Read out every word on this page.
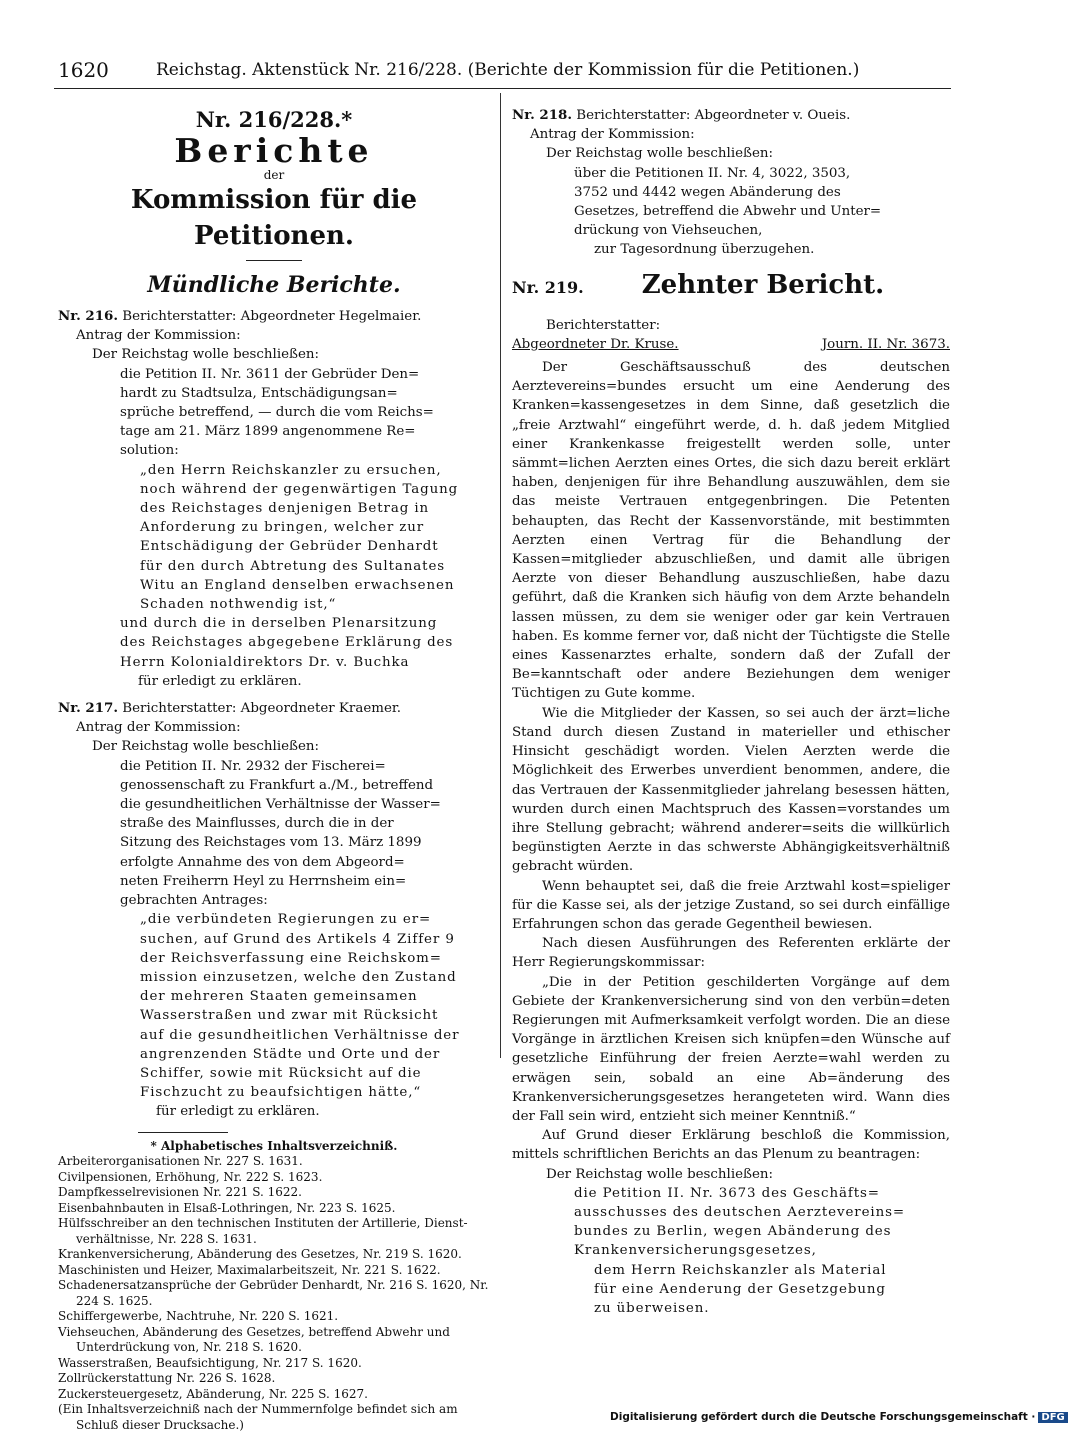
1620	Reichstag. Aktenstück Nr. 216/228. (Berichte der Kommission für die Petitionen.)

Nr. 216/228.*

Berichte

der

Kommission für die Petitionen.

Mündliche Berichte.

Nr. 216. Berichterstatter: Abgeordneter Hegelmaier.

Antrag der Kommission:

Der Reichstag wolle beschließen:

die Petition II. Nr. 3611 der Gebrüder Den=

hardt zu Stadtsulza, Entschädigungsan=

sprüche betreffend, — durch die vom Reichs=

tage am 21. März 1899 angenommene Re=

solution:

„den Herrn Reichskanzler zu ersuchen,

noch während der gegenwärtigen Tagung

des Reichstages denjenigen Betrag in

Anforderung zu bringen, welcher zur

Entschädigung der Gebrüder Denhardt

für den durch Abtretung des Sultanates

Witu an England denselben erwachsenen

Schaden nothwendig ist,“

und durch die in derselben Plenarsitzung

des Reichstages abgegebene Erklärung des

Herrn Kolonialdirektors Dr. v. Buchka

für erledigt zu erklären.

Nr. 217. Berichterstatter: Abgeordneter Kraemer.

Antrag der Kommission:

Der Reichstag wolle beschließen:

die Petition II. Nr. 2932 der Fischerei=

genossenschaft zu Frankfurt a./M., betreffend

die gesundheitlichen Verhältnisse der Wasser=

straße des Mainflusses, durch die in der

Sitzung des Reichstages vom 13. März 1899

erfolgte Annahme des von dem Abgeord=

neten Freiherrn Heyl zu Herrnsheim ein=

gebrachten Antrages:

„die verbündeten Regierungen zu er=

suchen, auf Grund des Artikels 4 Ziffer 9

der Reichsverfassung eine Reichskom=

mission einzusetzen, welche den Zustand

der mehreren Staaten gemeinsamen

Wasserstraßen und zwar mit Rücksicht

auf die gesundheitlichen Verhältnisse der

angrenzenden Städte und Orte und der

Schiffer, sowie mit Rücksicht auf die

Fischzucht zu beaufsichtigen hätte,“

für erledigt zu erklären.

* Alphabetisches Inhaltsverzeichniß.

Arbeiterorganisationen Nr. 227 S. 1631.

Civilpensionen, Erhöhung, Nr. 222 S. 1623.

Dampfkesselrevisionen Nr. 221 S. 1622.

Eisenbahnbauten in Elsaß-Lothringen, Nr. 223 S. 1625.

Hülfsschreiber an den technischen Instituten der Artillerie, Dienst-verhältnisse, Nr. 228 S. 1631.

Krankenversicherung, Abänderung des Gesetzes, Nr. 219 S. 1620.

Maschinisten und Heizer, Maximalarbeitszeit, Nr. 221 S. 1622.

Schadenersatzansprüche der Gebrüder Denhardt, Nr. 216 S. 1620, Nr. 224 S. 1625.

Schiffergewerbe, Nachtruhe, Nr. 220 S. 1621.

Viehseuchen, Abänderung des Gesetzes, betreffend Abwehr und Unterdrückung von, Nr. 218 S. 1620.

Wasserstraßen, Beaufsichtigung, Nr. 217 S. 1620.

Zollrückerstattung Nr. 226 S. 1628.

Zuckersteuergesetz, Abänderung, Nr. 225 S. 1627.

(Ein Inhaltsverzeichniß nach der Nummernfolge befindet sich am Schluß dieser Drucksache.)

Nr. 218. Berichterstatter: Abgeordneter v. Oueis.

Antrag der Kommission:

Der Reichstag wolle beschließen:

über die Petitionen II. Nr. 4, 3022, 3503,

3752 und 4442 wegen Abänderung des

Gesetzes, betreffend die Abwehr und Unter=

drückung von Viehseuchen,

zur Tagesordnung überzugehen.

Nr. 219. Zehnter Bericht.

Berichterstatter:

Abgeordneter Dr. Kruse.	Journ. II. Nr. 3673.

Der Geschäftsausschuß des deutschen Aerztevereins=bundes ersucht um eine Aenderung des Kranken=kassengesetzes in dem Sinne, daß gesetzlich die „freie Arztwahl“ eingeführt werde, d. h. daß jedem Mitglied einer Krankenkasse freigestellt werden solle, unter sämmt=lichen Aerzten eines Ortes, die sich dazu bereit erklärt haben, denjenigen für ihre Behandlung auszuwählen, dem sie das meiste Vertrauen entgegenbringen. Die Petenten behaupten, das Recht der Kassenvorstände, mit bestimmten Aerzten einen Vertrag für die Behandlung der Kassen=mitglieder abzuschließen, und damit alle übrigen Aerzte von dieser Behandlung auszuschließen, habe dazu geführt, daß die Kranken sich häufig von dem Arzte behandeln lassen müssen, zu dem sie weniger oder gar kein Vertrauen haben. Es komme ferner vor, daß nicht der Tüchtigste die Stelle eines Kassenarztes erhalte, sondern daß der Zufall der Be=kanntschaft oder andere Beziehungen dem weniger Tüchtigen zu Gute komme.

Wie die Mitglieder der Kassen, so sei auch der ärzt=liche Stand durch diesen Zustand in materieller und ethischer Hinsicht geschädigt worden. Vielen Aerzten werde die Möglichkeit des Erwerbes unverdient benommen, andere, die das Vertrauen der Kassenmitglieder jahrelang besessen hätten, wurden durch einen Machtspruch des Kassen=vorstandes um ihre Stellung gebracht; während anderer=seits die willkürlich begünstigten Aerzte in das schwerste Abhängigkeitsverhältniß gebracht würden.

Wenn behauptet sei, daß die freie Arztwahl kost=spieliger für die Kasse sei, als der jetzige Zustand, so sei durch einfällige Erfahrungen schon das gerade Gegentheil bewiesen.

Nach diesen Ausführungen des Referenten erklärte der Herr Regierungskommissar:

„Die in der Petition geschilderten Vorgänge auf dem Gebiete der Krankenversicherung sind von den verbün=deten Regierungen mit Aufmerksamkeit verfolgt worden. Die an diese Vorgänge in ärztlichen Kreisen sich knüpfen=den Wünsche auf gesetzliche Einführung der freien Aerzte=wahl werden zu erwägen sein, sobald an eine Ab=änderung des Krankenversicherungsgesetzes herangeteten wird. Wann dies der Fall sein wird, entzieht sich meiner Kenntniß.“

Auf Grund dieser Erklärung beschloß die Kommission, mittels schriftlichen Berichts an das Plenum zu beantragen:

Der Reichstag wolle beschließen:

die Petition II. Nr. 3673 des Geschäfts=

ausschusses des deutschen Aerztevereins=

bundes zu Berlin, wegen Abänderung des

Krankenversicherungsgesetzes,

dem Herrn Reichskanzler als Material

für eine Aenderung der Gesetzgebung

zu überweisen.

Digitalisierung gefördert durch die Deutsche Forschungsgemeinschaft · DFG
